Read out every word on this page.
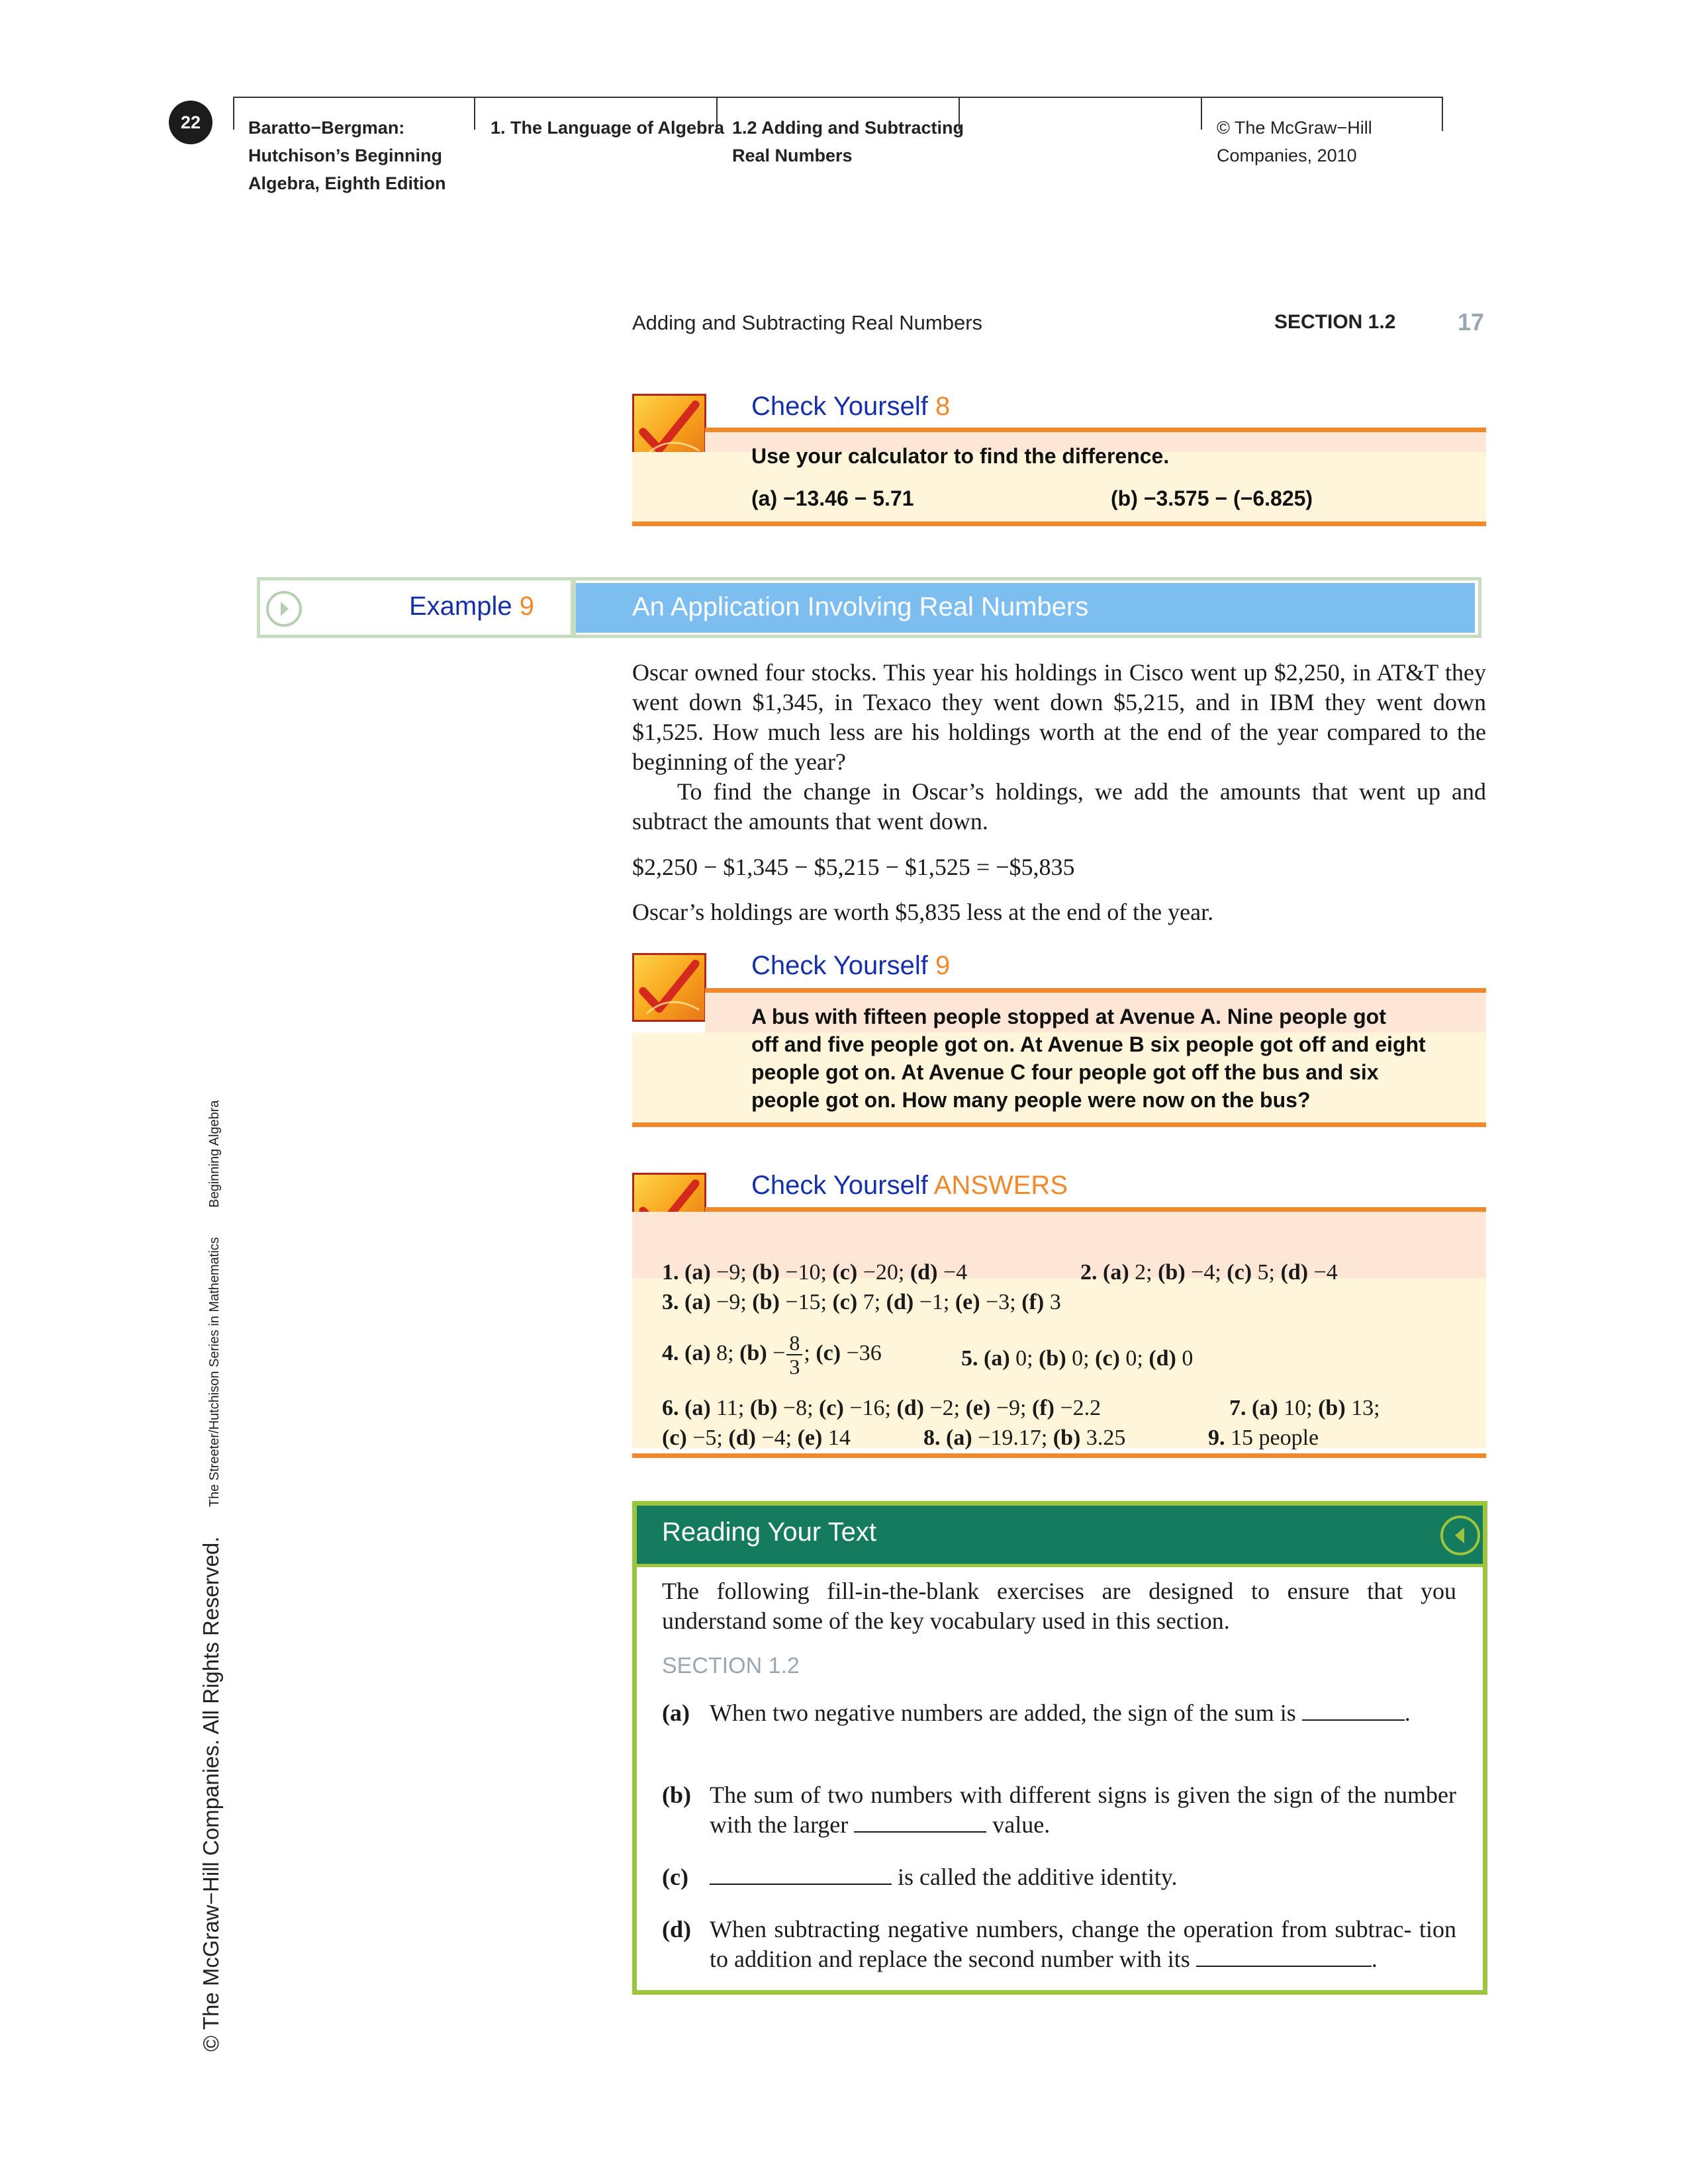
22	Baratto−Bergman:
Hutchison’s Beginning
Algebra, Eighth Edition
1. The Language of Algebra 1.2 Adding and Subtracting
Real Numbers
© The McGraw−Hill
Companies, 2010
Adding and Subtracting Real Numbers	SECTION 1.2	17
Check Yourself 8
Use your calculator to find the difference.
(a) −13.46 − 5.71	(b) −3.575 − (−6.825)
Example 9	An Application Involving Real Numbers

Oscar owned four stocks. This year his holdings in Cisco went up $2,250, in AT&T they went down $1,345, in Texaco they went down $5,215, and in IBM they went down $1,525. How much less are his holdings worth at the end of the year compared to the beginning of the year?

To find the change in Oscar’s holdings, we add the amounts that went up and subtract the amounts that went down.

$2,250 − $1,345 − $5,215 − $1,525 = −$5,835
Oscar’s holdings are worth $5,835 less at the end of the year.
Check Yourself 9
A bus with fifteen people stopped at Avenue A. Nine people got
off and five people got on. At Avenue B six people got off and eight
people got on. At Avenue C four people got off the bus and six
people got on. How many people were now on the bus?
Check Yourself ANSWERS
1. (a) −9; (b) −10; (c) −20; (d) −4	2. (a) 2; (b) −4; (c) 5; (d) −4
3. (a) −9; (b) −15; (c) 7; (d) −1; (e) −3; (f) 3
4. (a) 8; $(b) - \frac{8}{3}$ ; (c) −36	5. (a) 0; (b) 0; (c) 0; (d) 0
6. (a) 11; (b) −8; (c) −16; (d) −2; (e) −9; (f) −2.2	7. (a) 10; (b) 13;
(c) −5; (d) −4; (e) 14	8. (a) −19.17; (b) 3.25	9. 15 people
Reading Your Text
The following fill-in-the-blank exercises are designed to ensure that you understand some of the key vocabulary used in this section.
SECTION 1.2
(a) When two negative numbers are added, the sign of the sum is	.
(b) The sum of two numbers with different signs is given the sign of the number with the larger	value.
(c)	is called the additive identity.
(d) When subtracting negative numbers, change the operation from subtrac- tion to addition and replace the second number with its	.
© The McGraw−Hill Companies. All Rights Reserved. The Streeter/Hutchison Series in Mathematics Beginning Algebra
